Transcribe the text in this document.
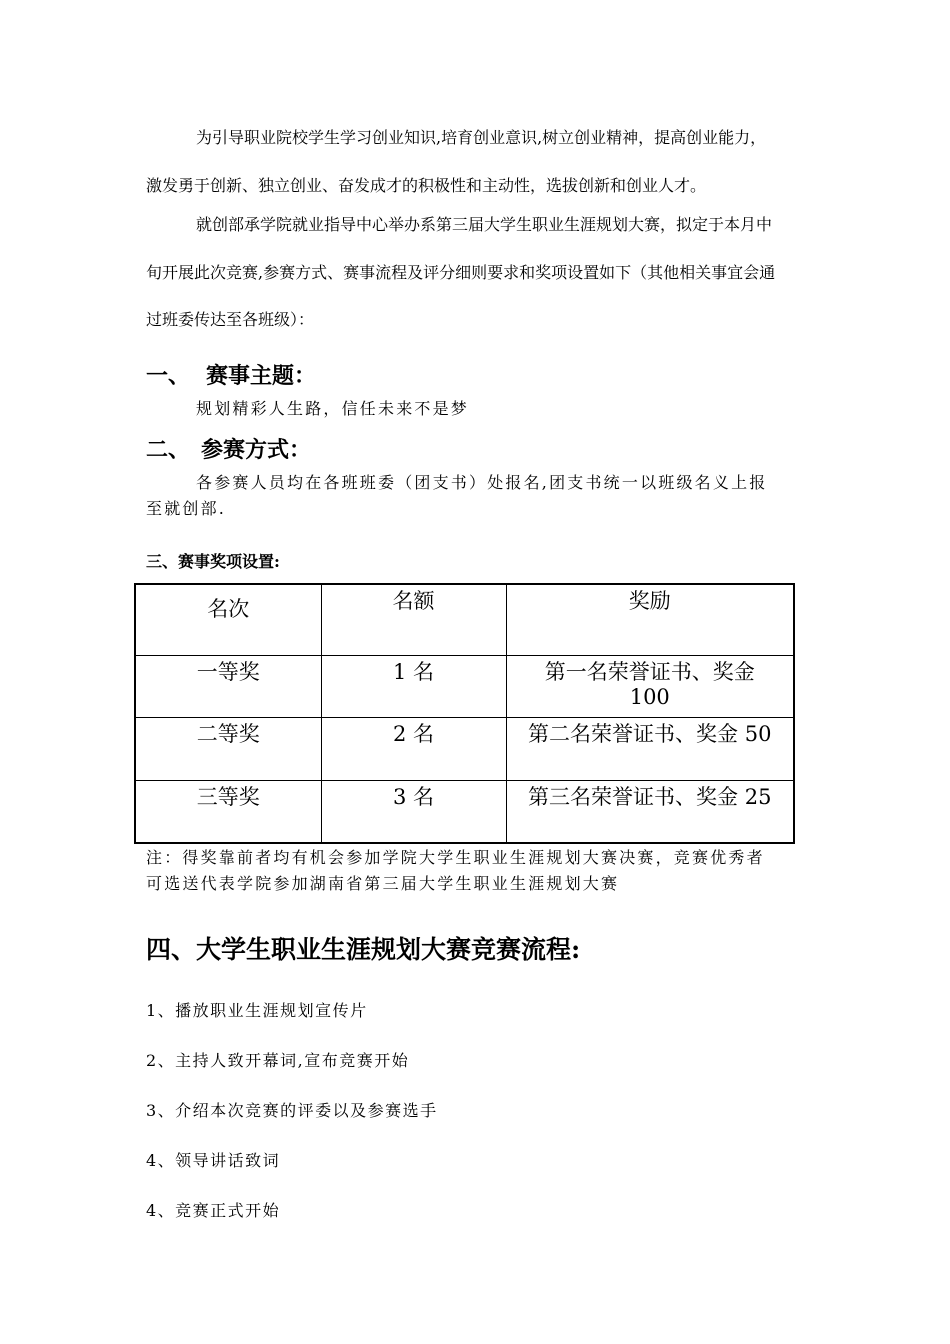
为引导职业院校学生学习创业知识,培育创业意识,树立创业精神，提高创业能力，
激发勇于创新、独立创业、奋发成才的积极性和主动性，选拔创新和创业人才。
就创部承学院就业指导中心举办系第三届大学生职业生涯规划大赛，拟定于本月中
旬开展此次竞赛,参赛方式、赛事流程及评分细则要求和奖项设置如下（其他相关事宜会通
过班委传达至各班级）：
一、 赛事主题：
规划精彩人生路，信任未来不是梦
二、 参赛方式：
各参赛人员均在各班班委（团支书）处报名,团支书统一以班级名义上报
至就创部.
三、赛事奖项设置:
名次	名额	奖励
一等奖	1 名	第一名荣誉证书、奖金 100
二等奖	2 名	第二名荣誉证书、奖金 50
三等奖	3 名	第三名荣誉证书、奖金 25
注：得奖靠前者均有机会参加学院大学生职业生涯规划大赛决赛，竞赛优秀者
可选送代表学院参加湖南省第三届大学生职业生涯规划大赛
四、大学生职业生涯规划大赛竞赛流程:
1、播放职业生涯规划宣传片
2、主持人致开幕词,宣布竞赛开始
3、介绍本次竞赛的评委以及参赛选手
4、领导讲话致词
4、竞赛正式开始
